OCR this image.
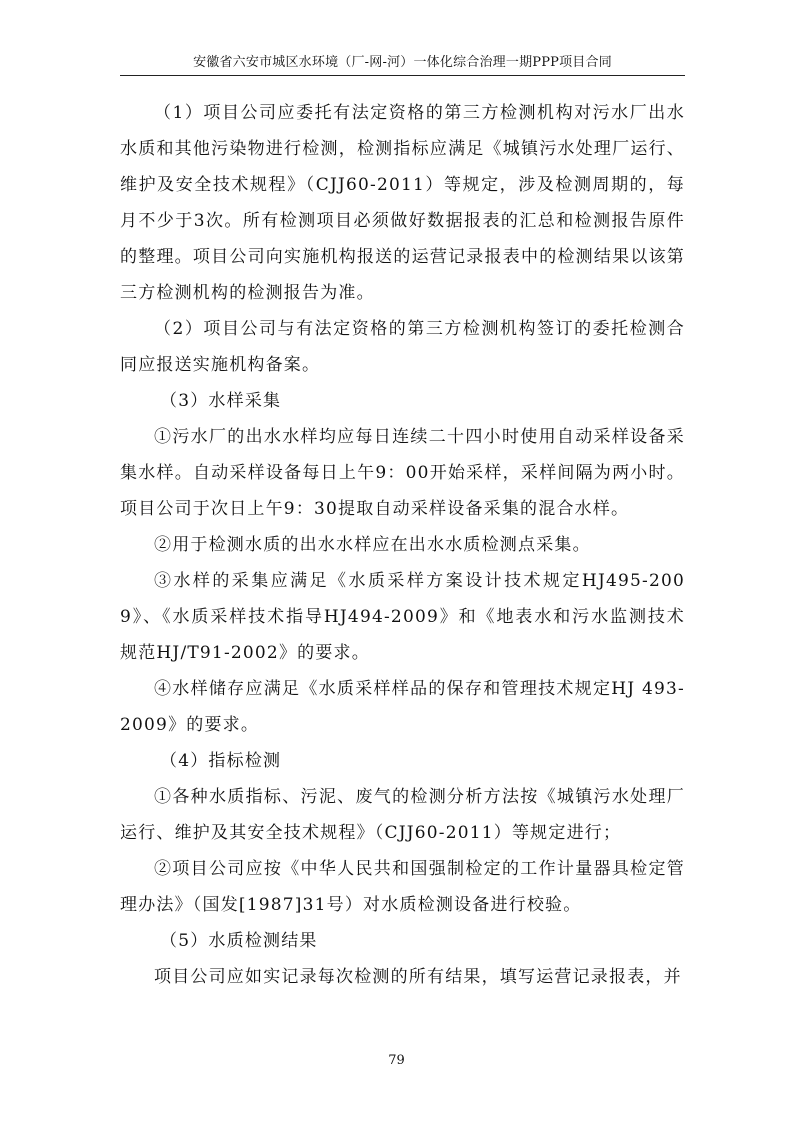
安徽省六安市城区水环境（厂-网-河）一体化综合治理一期PPP项目合同

（1）项目公司应委托有法定资格的第三方检测机构对污水厂出水水质和其他污染物进行检测，检测指标应满足《城镇污水处理厂运行、维护及安全技术规程》（CJJ60-2011）等规定，涉及检测周期的，每月不少于3次。所有检测项目必须做好数据报表的汇总和检测报告原件的整理。项目公司向实施机构报送的运营记录报表中的检测结果以该第三方检测机构的检测报告为准。

（2）项目公司与有法定资格的第三方检测机构签订的委托检测合同应报送实施机构备案。

（3）水样采集

①污水厂的出水水样均应每日连续二十四小时使用自动采样设备采集水样。自动采样设备每日上午9：00开始采样，采样间隔为两小时。项目公司于次日上午9：30提取自动采样设备采集的混合水样。

②用于检测水质的出水水样应在出水水质检测点采集。

③水样的采集应满足《水质采样方案设计技术规定HJ495-2009》、《水质采样技术指导HJ494-2009》和《地表水和污水监测技术规范HJ/T91-2002》的要求。

④水样储存应满足《水质采样样品的保存和管理技术规定HJ 493-2009》的要求。

（4）指标检测

①各种水质指标、污泥、废气的检测分析方法按《城镇污水处理厂运行、维护及其安全技术规程》（CJJ60-2011）等规定进行；

②项目公司应按《中华人民共和国强制检定的工作计量器具检定管理办法》（国发[1987]31号）对水质检测设备进行校验。

（5）水质检测结果

项目公司应如实记录每次检测的所有结果，填写运营记录报表，并

79
